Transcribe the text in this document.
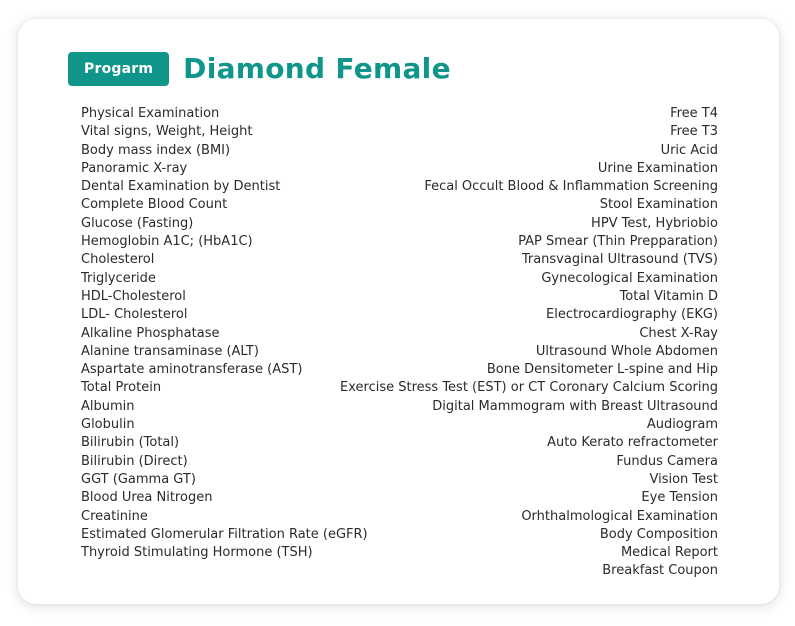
Progarm	Diamond Female
Physical Examination
Vital signs, Weight, Height
Body mass index (BMI)
Panoramic X-ray
Dental Examination by Dentist
Complete Blood Count
Glucose (Fasting)
Hemoglobin A1C; (HbA1C)
Cholesterol
Triglyceride
HDL-Cholesterol
LDL- Cholesterol
Alkaline Phosphatase
Alanine transaminase (ALT)
Aspartate aminotransferase (AST)
Total Protein
Albumin
Globulin
Bilirubin (Total)
Bilirubin (Direct)
GGT (Gamma GT)
Blood Urea Nitrogen
Creatinine
Estimated Glomerular Filtration Rate (eGFR)
Thyroid Stimulating Hormone (TSH)
Free T4
Free T3
Uric Acid
Urine Examination
Fecal Occult Blood & Inflammation Screening
Stool Examination
HPV Test, Hybriobio
PAP Smear (Thin Prepparation)
Transvaginal Ultrasound (TVS)
Gynecological Examination
Total Vitamin D
Electrocardiography (EKG)
Chest X-Ray
Ultrasound Whole Abdomen
Bone Densitometer L-spine and Hip
Exercise Stress Test (EST) or CT Coronary Calcium Scoring
Digital Mammogram with Breast Ultrasound
Audiogram
Auto Kerato refractometer
Fundus Camera
Vision Test
Eye Tension
Orhthalmological Examination
Body Composition
Medical Report
Breakfast Coupon
